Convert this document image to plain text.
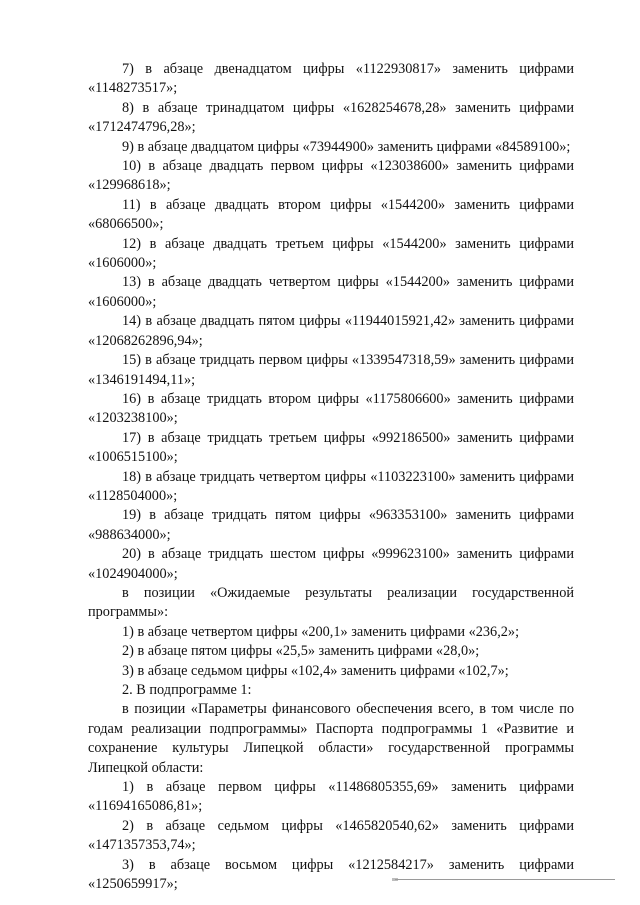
7) в абзаце двенадцатом цифры «1122930817» заменить цифрами «1148273517»;

8) в абзаце тринадцатом цифры «1628254678,28» заменить цифрами «1712474796,28»;

9) в абзаце двадцатом цифры «73944900» заменить цифрами «84589100»;

10) в абзаце двадцать первом цифры «123038600» заменить цифрами «129968618»;

11) в абзаце двадцать втором цифры «1544200» заменить цифрами «68066500»;

12) в абзаце двадцать третьем цифры «1544200» заменить цифрами «1606000»;

13) в абзаце двадцать четвертом цифры «1544200» заменить цифрами «1606000»;

14) в абзаце двадцать пятом цифры «11944015921,42» заменить цифрами «12068262896,94»;

15) в абзаце тридцать первом цифры «1339547318,59» заменить цифрами «1346191494,11»;

16) в абзаце тридцать втором цифры «1175806600» заменить цифрами «1203238100»;

17) в абзаце тридцать третьем цифры «992186500» заменить цифрами «1006515100»;

18) в абзаце тридцать четвертом цифры «1103223100» заменить цифрами «1128504000»;

19) в абзаце тридцать пятом цифры «963353100» заменить цифрами «988634000»;

20) в абзаце тридцать шестом цифры «999623100» заменить цифрами «1024904000»;

в позиции «Ожидаемые результаты реализации государственной программы»:

1) в абзаце четвертом цифры «200,1» заменить цифрами «236,2»;

2) в абзаце пятом цифры «25,5» заменить цифрами «28,0»;

3) в абзаце седьмом цифры «102,4» заменить цифрами «102,7»;

2. В подпрограмме 1:

в позиции «Параметры финансового обеспечения всего, в том числе по годам реализации подпрограммы» Паспорта подпрограммы 1 «Развитие и сохранение культуры Липецкой области» государственной программы Липецкой области:

1) в абзаце первом цифры «11486805355,69» заменить цифрами «11694165086,81»;

2) в абзаце седьмом цифры «1465820540,62» заменить цифрами «1471357353,74»;

3) в абзаце восьмом цифры «1212584217» заменить цифрами «1250659917»;
